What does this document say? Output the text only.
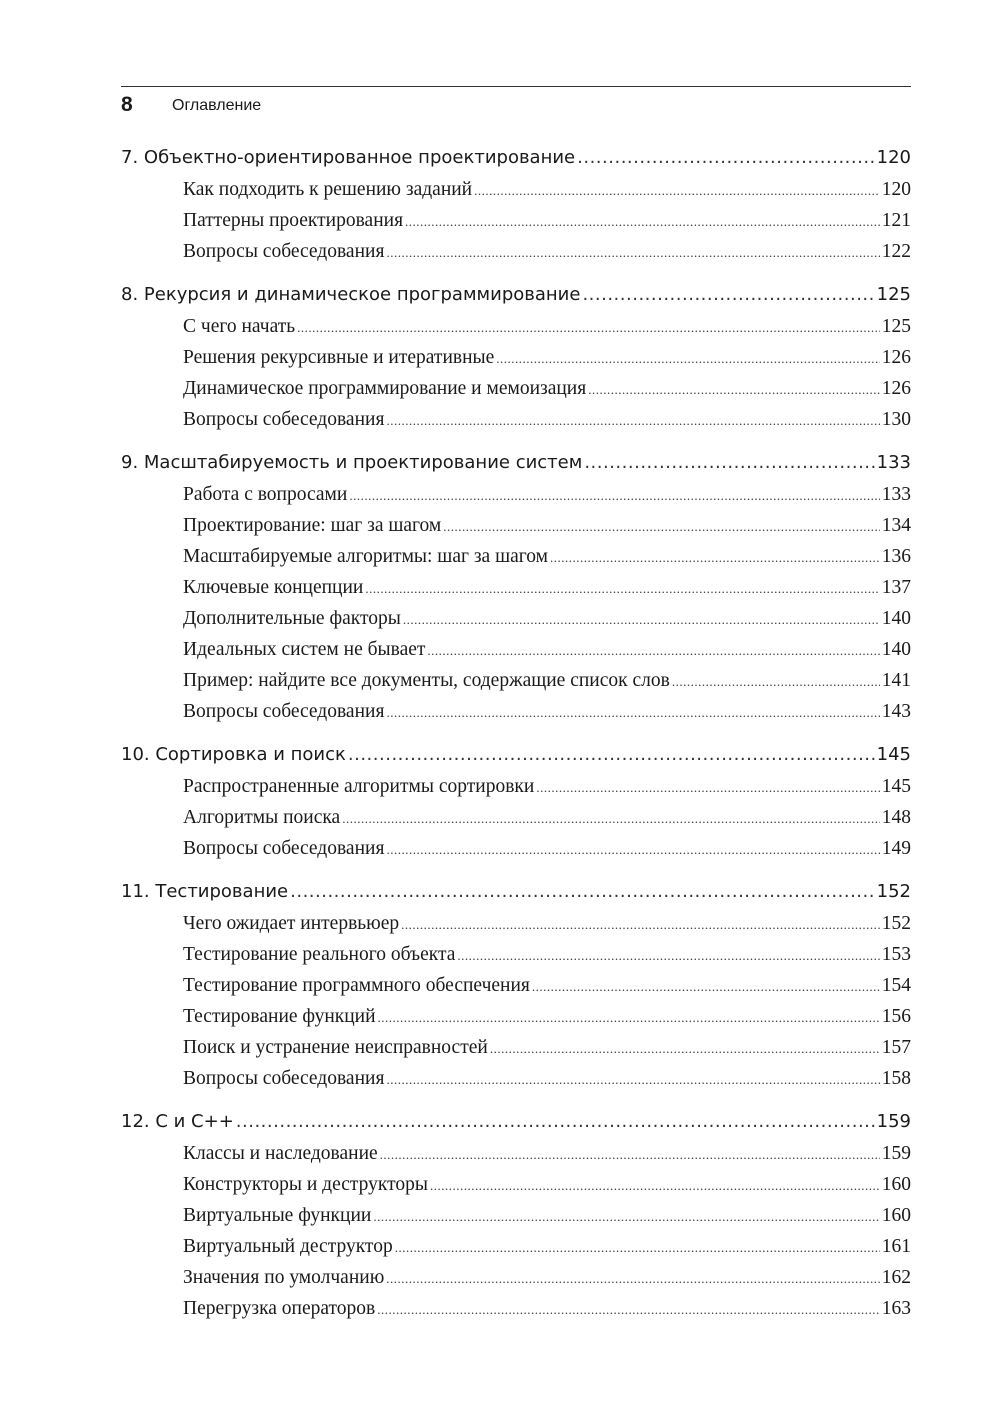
8 Оглавление
7. Объектно-ориентированное проектирование .....	120
Как подходить к решению заданий .....	120
Паттерны проектирования .....	121
Вопросы собеседования .....	122
8. Рекурсия и динамическое программирование .....	125
С чего начать .....	125
Решения рекурсивные и итеративные .....	126
Динамическое программирование и мемоизация .....	126
Вопросы собеседования .....	130
9. Масштабируемость и проектирование систем .....	133
Работа с вопросами .....	133
Проектирование: шаг за шагом .....	134
Масштабируемые алгоритмы: шаг за шагом .....	136
Ключевые концепции .....	137
Дополнительные факторы .....	140
Идеальных систем не бывает .....	140
Пример: найдите все документы, содержащие список слов .....	141
Вопросы собеседования .....	143
10. Сортировка и поиск .....	145
Распространенные алгоритмы сортировки .....	145
Алгоритмы поиска .....	148
Вопросы собеседования .....	149
11. Тестирование .....	152
Чего ожидает интервьюер .....	152
Тестирование реального объекта .....	153
Тестирование программного обеспечения .....	154
Тестирование функций .....	156
Поиск и устранение неисправностей .....	157
Вопросы собеседования .....	158
12. C и C++ .....	159
Классы и наследование .....	159
Конструкторы и деструкторы .....	160
Виртуальные функции .....	160
Виртуальный деструктор .....	161
Значения по умолчанию .....	162
Перегрузка операторов .....	163
